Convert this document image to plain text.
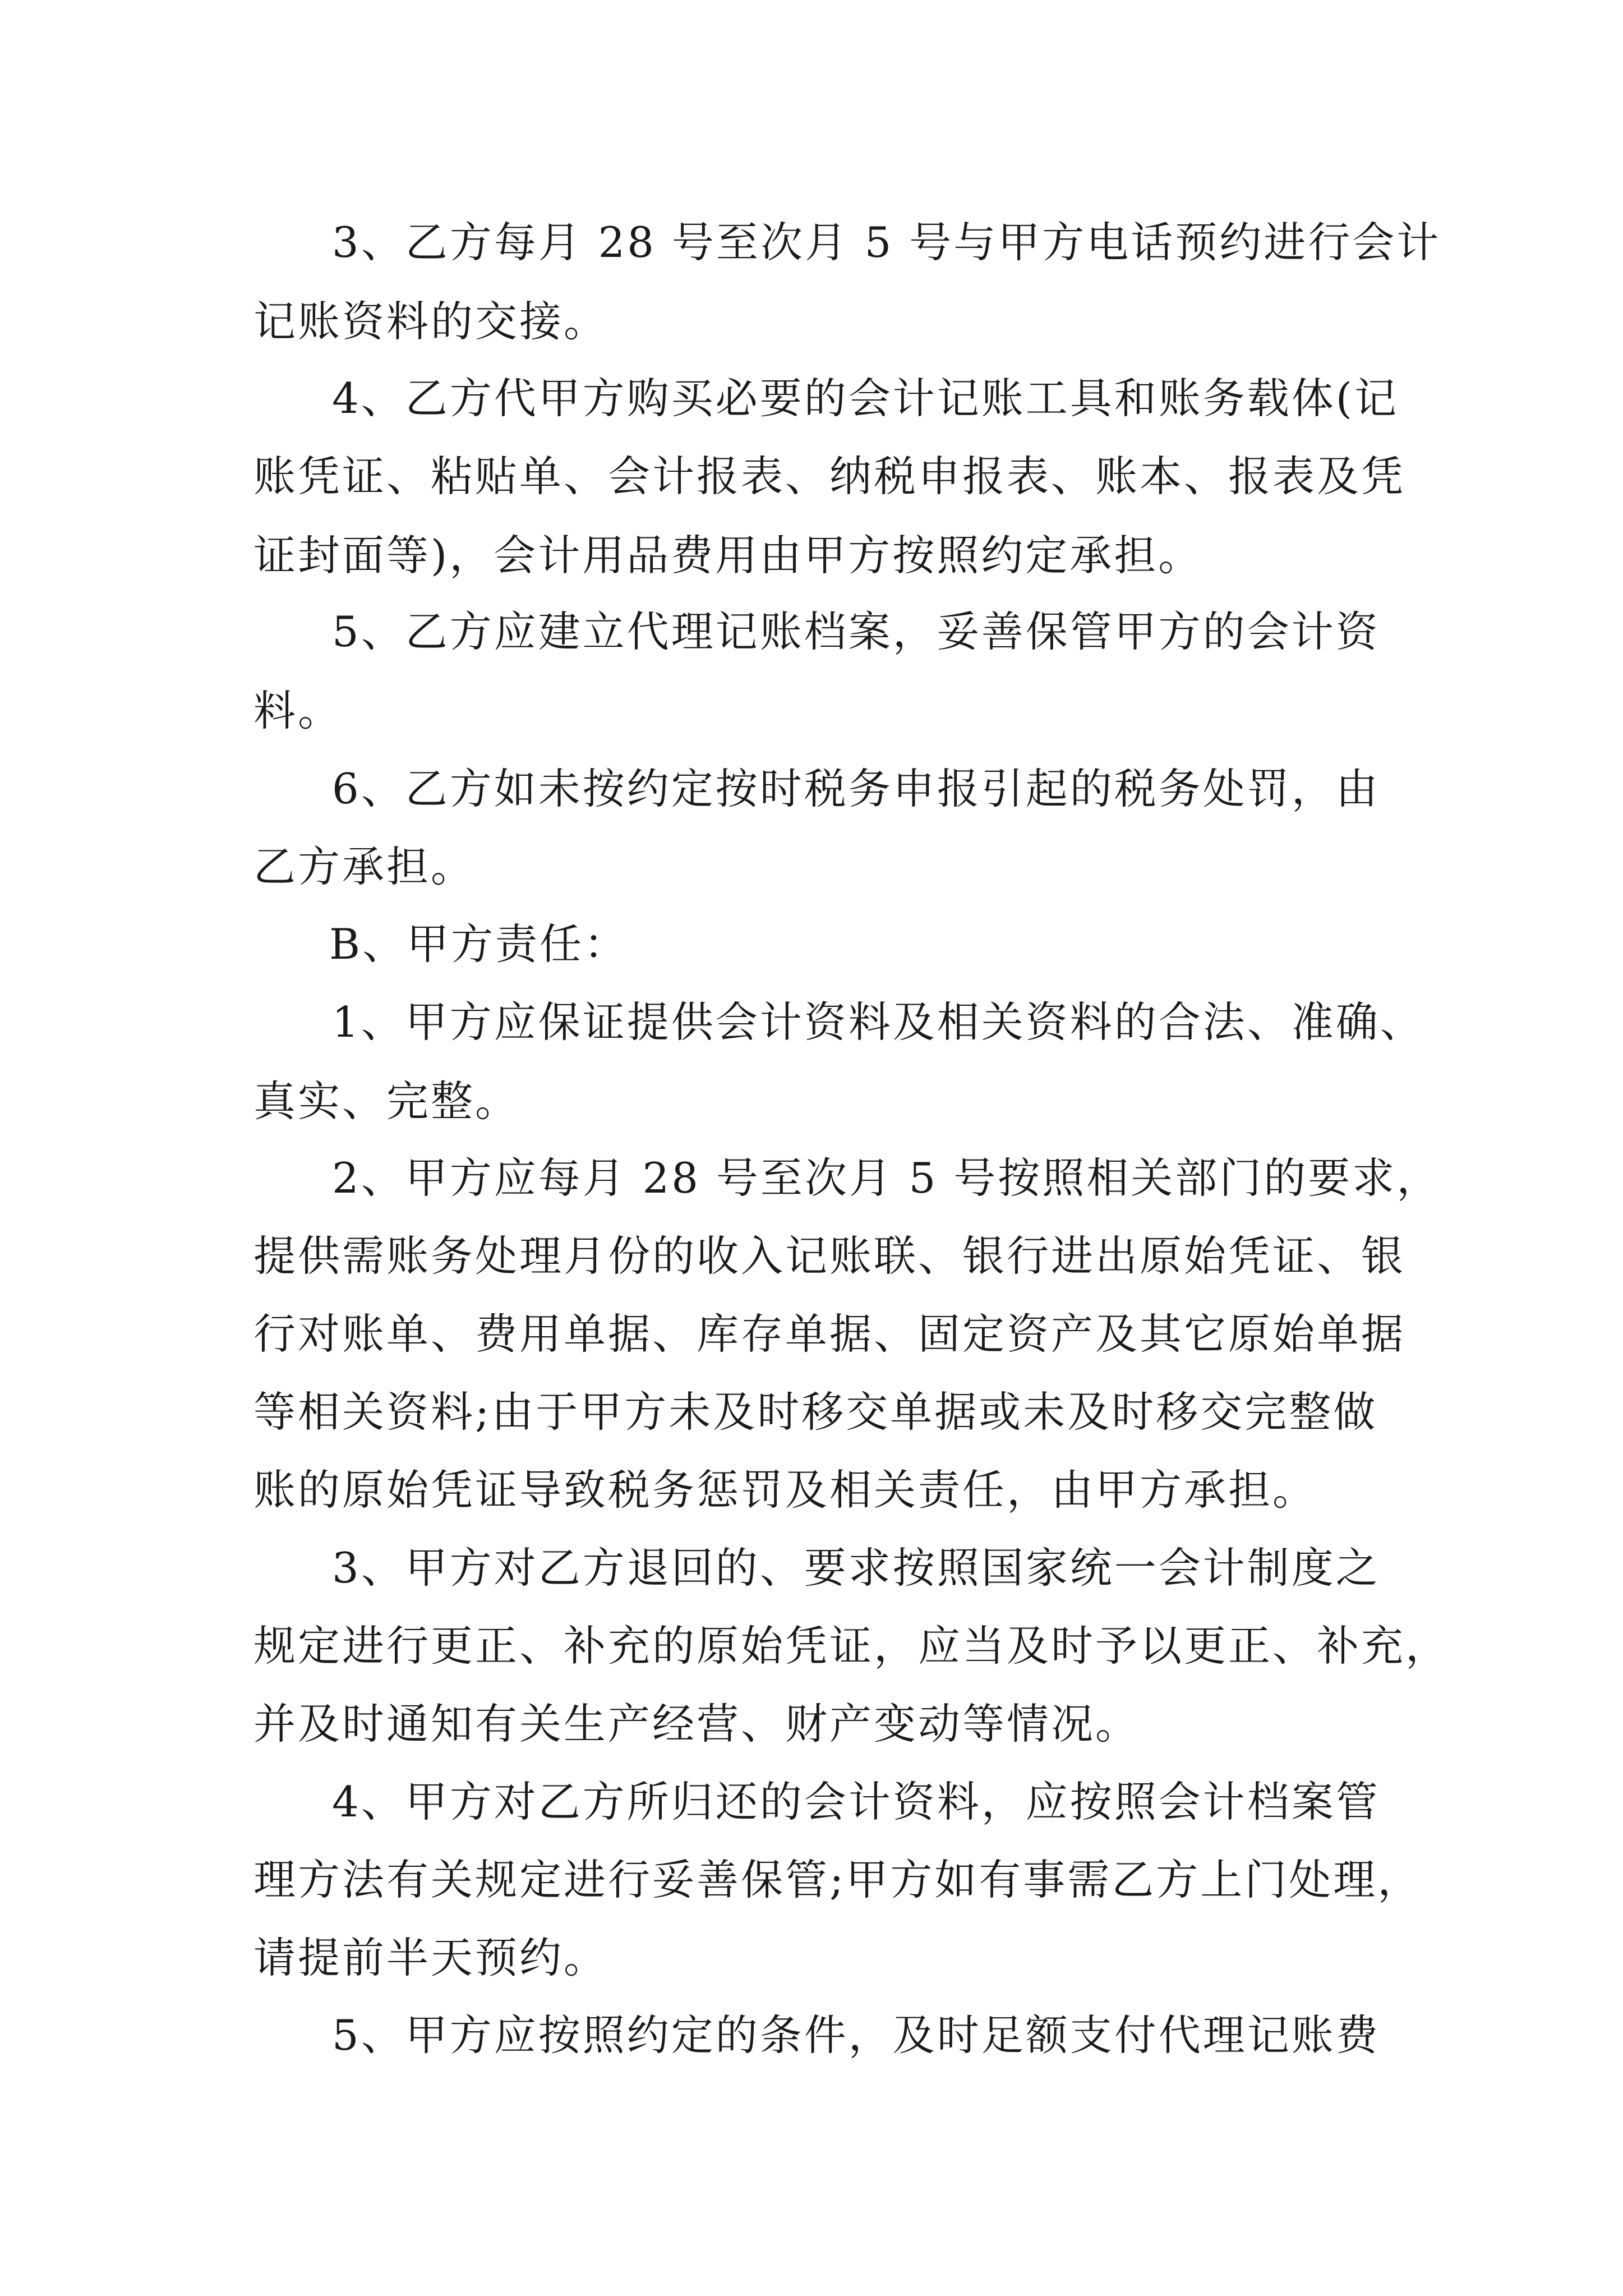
3、乙方每月 28 号至次月 5 号与甲方电话预约进行会计
记账资料的交接。
4、乙方代甲方购买必要的会计记账工具和账务载体(记
账凭证、粘贴单、会计报表、纳税申报表、账本、报表及凭
证封面等)，会计用品费用由甲方按照约定承担。
5、乙方应建立代理记账档案，妥善保管甲方的会计资
料。
6、乙方如未按约定按时税务申报引起的税务处罚，由
乙方承担。
B、甲方责任：
1、甲方应保证提供会计资料及相关资料的合法、准确、
真实、完整。
2、甲方应每月 28 号至次月 5 号按照相关部门的要求，
提供需账务处理月份的收入记账联、银行进出原始凭证、银
行对账单、费用单据、库存单据、固定资产及其它原始单据
等相关资料;由于甲方未及时移交单据或未及时移交完整做
账的原始凭证导致税务惩罚及相关责任，由甲方承担。
3、甲方对乙方退回的、要求按照国家统一会计制度之
规定进行更正、补充的原始凭证，应当及时予以更正、补充，
并及时通知有关生产经营、财产变动等情况。
4、甲方对乙方所归还的会计资料，应按照会计档案管
理方法有关规定进行妥善保管;甲方如有事需乙方上门处理，
请提前半天预约。
5、甲方应按照约定的条件，及时足额支付代理记账费
